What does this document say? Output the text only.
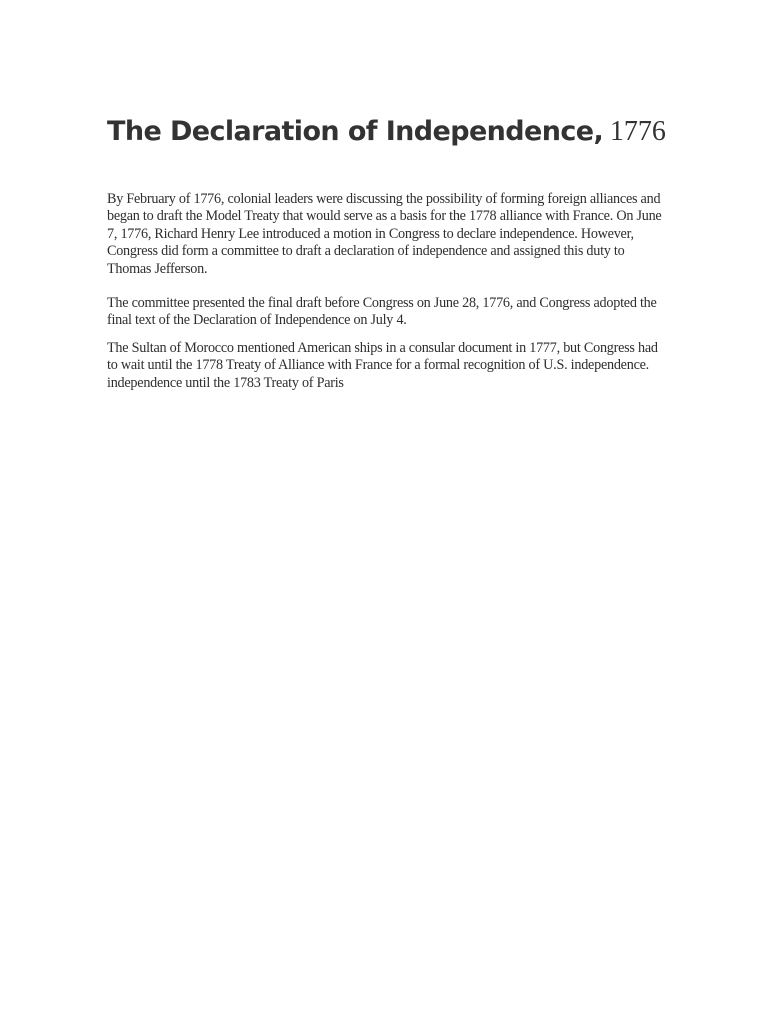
The Declaration of Independence, 1776

By February of 1776, colonial leaders were discussing the possibility of forming foreign alliances and began to draft the Model Treaty that would serve as a basis for the 1778 alliance with France. On June 7, 1776, Richard Henry Lee introduced a motion in Congress to declare independence. However, Congress did form a committee to draft a declaration of independence and assigned this duty to Thomas Jefferson.

The committee presented the final draft before Congress on June 28, 1776, and Congress adopted the final text of the Declaration of Independence on July 4.

The Sultan of Morocco mentioned American ships in a consular document in 1777, but Congress had to wait until the 1778 Treaty of Alliance with France for a formal recognition of U.S. independence. independence until the 1783 Treaty of Paris
